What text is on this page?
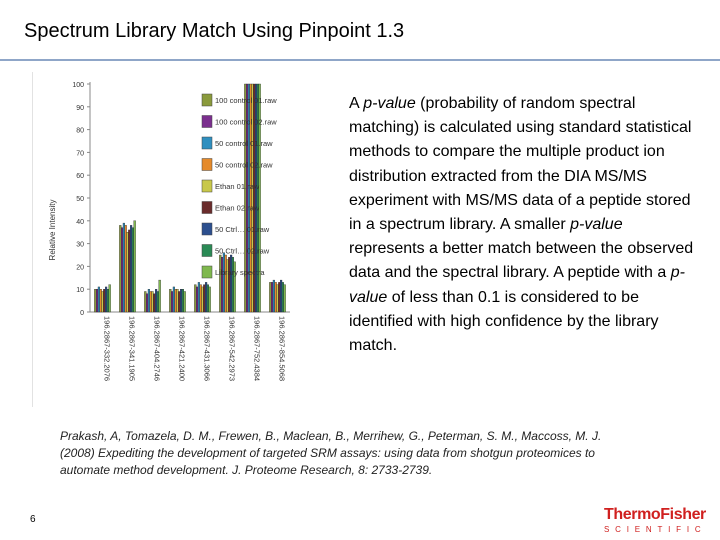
Spectrum Library Match Using Pinpoint 1.3
0
10
20
30
40
50
60
70
80
90
100
196.2867-332.2076 196.2867-341.1905 196.2867-404.2746 196.2867-421.2400 196.2867-431.3066 196.2867-542.2973 196.2867-752.4384 196.2867-854.5068
100 control 01.raw
100 control 02.raw
50 control 01.raw
50 control 02.raw
Ethan 01.raw
Ethan 02.raw
50 Ctrl… 01.raw
50 Ctrl… 02.raw
Library spectra
Relative Intensity
A p-value (probability of random spectral matching) is calculated using standard statistical methods to compare the multiple product ion distribution extracted from the DIA MS/MS experiment with MS/MS data of a peptide stored in a spectrum library. A smaller p-value represents a better match between the observed data and the spectral library. A peptide with a p-value of less than 0.1 is considered to be identified with high confidence by the library match.
Prakash, A, Tomazela, D. M., Frewen, B., Maclean, B., Merrihew, G., Peterman, S. M., Maccoss, M. J. (2008) Expediting the development of targeted SRM assays: using data from shotgun proteomices to automate method development. J. Proteome Research, 8: 2733-2739.
6	ThermoFisher
SCIENTIFIC
